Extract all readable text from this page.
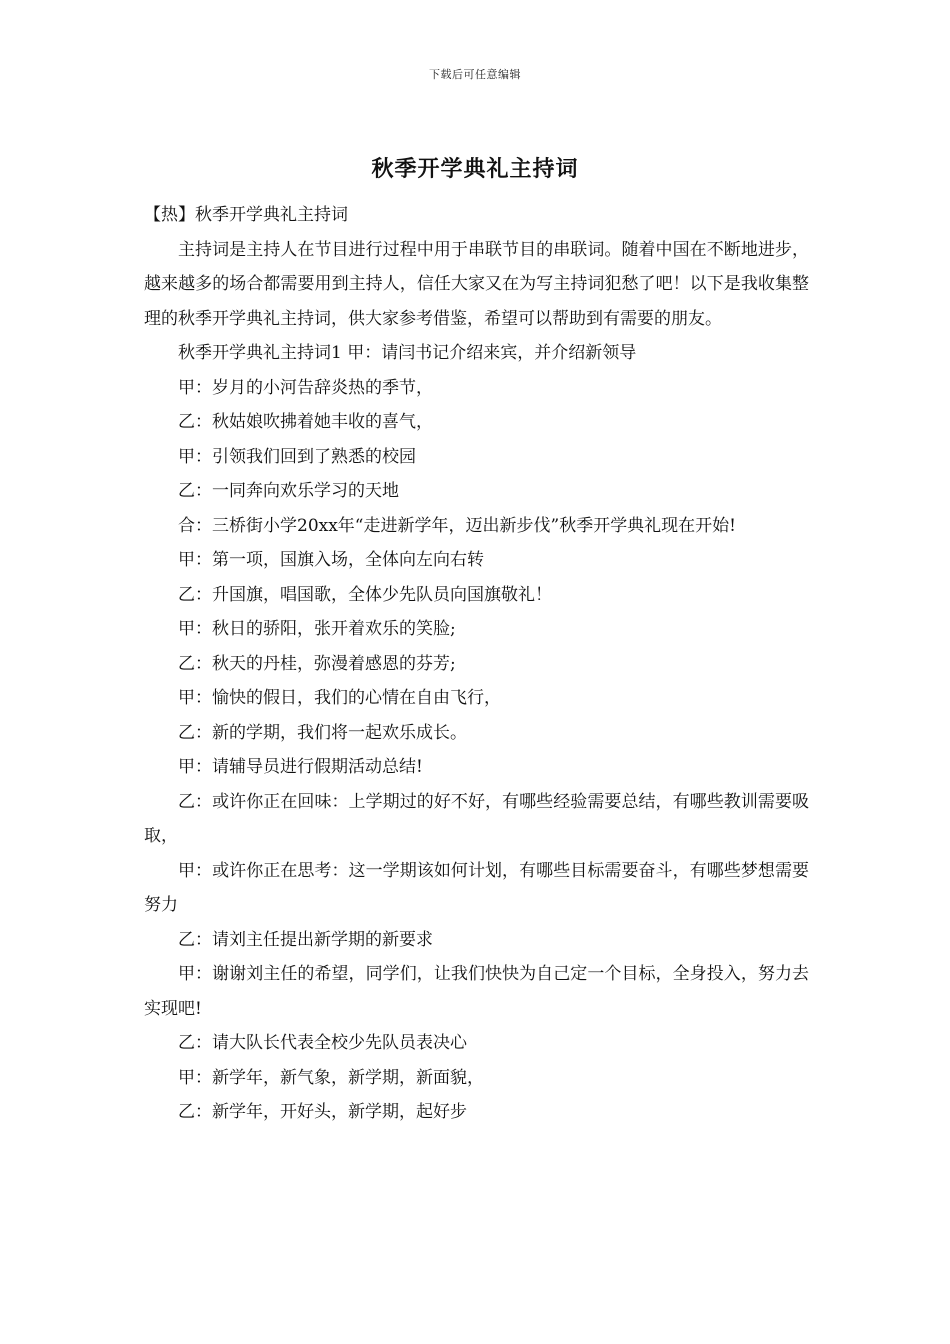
下载后可任意编辑
秋季开学典礼主持词

【热】秋季开学典礼主持词

主持词是主持人在节目进行过程中用于串联节目的串联词。随着中国在不断地进步，越来越多的场合都需要用到主持人，信任大家又在为写主持词犯愁了吧！以下是我收集整理的秋季开学典礼主持词，供大家参考借鉴，希望可以帮助到有需要的朋友。

秋季开学典礼主持词1 甲：请闫书记介绍来宾，并介绍新领导

甲：岁月的小河告辞炎热的季节，

乙：秋姑娘吹拂着她丰收的喜气，

甲：引领我们回到了熟悉的校园

乙：一同奔向欢乐学习的天地

合：三桥街小学20xx年“走进新学年，迈出新步伐”秋季开学典礼现在开始!

甲：第一项，国旗入场，全体向左向右转

乙：升国旗，唱国歌，全体少先队员向国旗敬礼！

甲：秋日的骄阳，张开着欢乐的笑脸;

乙：秋天的丹桂，弥漫着感恩的芬芳;

甲：愉快的假日，我们的心情在自由飞行，

乙：新的学期，我们将一起欢乐成长。

甲：请辅导员进行假期活动总结!

乙：或许你正在回味：上学期过的好不好，有哪些经验需要总结，有哪些教训需要吸取，

甲：或许你正在思考：这一学期该如何计划，有哪些目标需要奋斗，有哪些梦想需要努力

乙：请刘主任提出新学期的新要求

甲：谢谢刘主任的希望，同学们，让我们快快为自己定一个目标，全身投入，努力去实现吧!

乙：请大队长代表全校少先队员表决心

甲：新学年，新气象，新学期，新面貌，

乙：新学年，开好头，新学期，起好步
